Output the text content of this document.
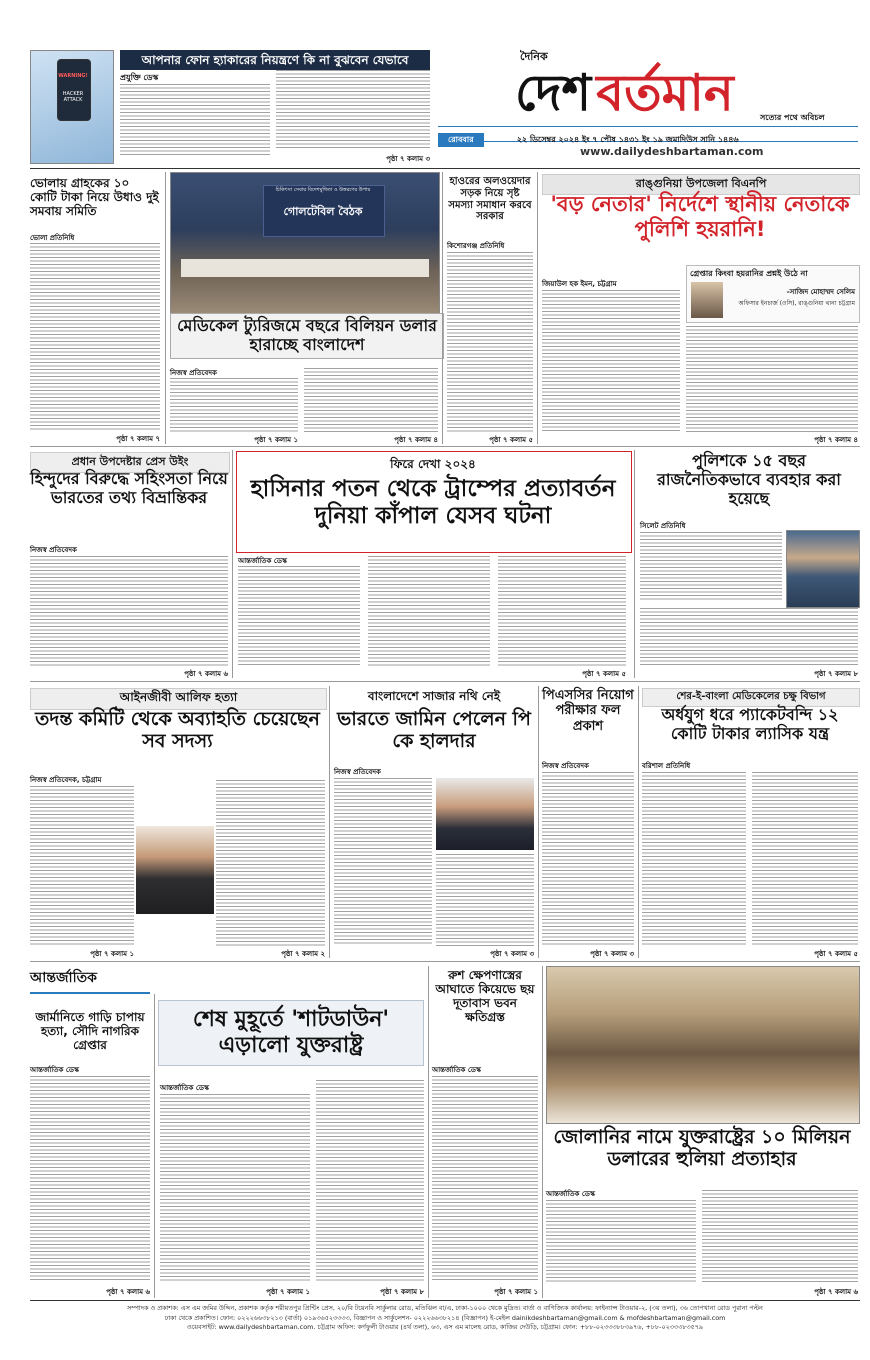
WARNING!
HACKER ATTACK
আপনার ফোন হ্যাকারের নিয়ন্ত্রণে কি না বুঝবেন যেভাবে
প্রযুক্তি ডেস্ক
পৃষ্ঠা ৭ কলাম ৩
দৈনিক
দেশ বর্তমান	সত্যের পথে অবিচল
রোববার	২২ ডিসেম্বর ২০২৪ ইং ৭ পৌষ ১৪৩১ ইং ১৯ জমাদিউস সানি ১৪৪৬
www.dailydeshbartaman.com
ভোলায় গ্রাহকের ১০ কোটি টাকা নিয়ে উধাও দুই সমবায় সমিতি
ভোলা প্রতিনিধি
পৃষ্ঠা ৭ কলাম ৭
চিকিৎসা সেবায় বিদেশমুখিতা ও উত্তরণের উপায়
গোলটেবিল বৈঠক
মেডিকেল ট্যুরিজমে বছরে বিলিয়ন ডলার হারাচ্ছে বাংলাদেশ
নিজস্ব প্রতিবেদক
পৃষ্ঠা ৭ কলাম ১	পৃষ্ঠা ৭ কলাম ৪
হাওরের অলওয়েদার সড়ক নিয়ে সৃষ্ট সমস্যা সমাধান করবে সরকার
কিশোরগঞ্জ প্রতিনিধি
পৃষ্ঠা ৭ কলাম ৫
রাঙ্গুনিয়া উপজেলা বিএনপি
'বড় নেতার' নির্দেশে স্থানীয় নেতাকে পুলিশি হয়রানি!
জিয়াউল হক ইমন, চট্টগ্রাম
গ্রেপ্তার কিংবা হয়রানির প্রশ্নই উঠে না
-সাজিদ মোহাম্মদ সেলিম
অফিসার ইনচার্জ (ওসি), রাঙ্গুনিয়া থানা চট্টগ্রাম
পৃষ্ঠা ৭ কলাম ৪
প্রধান উপদেষ্টার প্রেস উইং
হিন্দুদের বিরুদ্ধে সহিংসতা নিয়ে ভারতের তথ্য বিভ্রান্তিকর
নিজস্ব প্রতিবেদক
পৃষ্ঠা ৭ কলাম ৬
ফিরে দেখা ২০২৪
হাসিনার পতন থেকে ট্রাম্পের প্রত্যাবর্তন দুনিয়া কাঁপাল যেসব ঘটনা
আন্তর্জাতিক ডেস্ক
পৃষ্ঠা ৭ কলাম ৫
পুলিশকে ১৫ বছর রাজনৈতিকভাবে ব্যবহার করা হয়েছে
সিলেট প্রতিনিধি
পৃষ্ঠা ৭ কলাম ৮
আইনজীবী আলিফ হত্যা
তদন্ত কমিটি থেকে অব্যাহতি চেয়েছেন সব সদস্য
নিজস্ব প্রতিবেদক, চট্টগ্রাম
পৃষ্ঠা ৭ কলাম ১	পৃষ্ঠা ৭ কলাম ২
বাংলাদেশে সাজার নথি নেই
ভারতে জামিন পেলেন পি কে হালদার
নিজস্ব প্রতিবেদক
পৃষ্ঠা ৭ কলাম ৩
পিএসসির নিয়োগ পরীক্ষার ফল প্রকাশ
নিজস্ব প্রতিবেদক
পৃষ্ঠা ৭ কলাম ৩
শের-ই-বাংলা মেডিকেলের চক্ষু বিভাগ
অর্ধযুগ ধরে প্যাকেটবন্দি ১২ কোটি টাকার ল্যাসিক যন্ত্র
বরিশাল প্রতিনিধি
পৃষ্ঠা ৭ কলাম ৫
আন্তর্জাতিক
জার্মানিতে গাড়ি চাপায় হত্যা, সৌদি নাগরিক গ্রেপ্তার
আন্তর্জাতিক ডেস্ক
পৃষ্ঠা ৭ কলাম ৬
শেষ মুহূর্তে 'শাটডাউন' এড়ালো যুক্তরাষ্ট্র
আন্তর্জাতিক ডেস্ক
পৃষ্ঠা ৭ কলাম ১	পৃষ্ঠা ৭ কলাম ৮
রুশ ক্ষেপণাস্ত্রের আঘাতে কিয়েভে ছয় দূতাবাস ভবন ক্ষতিগ্রস্ত
আন্তর্জাতিক ডেস্ক
পৃষ্ঠা ৭ কলাম ১
জোলানির নামে যুক্তরাষ্ট্রের ১০ মিলিয়ন ডলারের হুলিয়া প্রত্যাহার
আন্তর্জাতিক ডেস্ক
পৃষ্ঠা ৭ কলাম ৬
সম্পাদক ও প্রকাশক: এস এম জমির উদ্দিন, প্রকাশক কর্তৃক শরীয়তপুর প্রিন্টিং প্রেস, ২০/বি টয়েনবি সার্কুলার রোড, মতিঝিল বা/এ, ঢাকা-১০০০ থেকে মুদ্রিত। বার্তা ও বাণিজ্যিক কার্যালয়: ফাইন্যান্স টাওয়ার-২, (৩য় তলা), ৩৬ তোপখানা রোড পুরানা পল্টন
ঢাকা থেকে প্রকাশিত। ফোন: ০২২২৬৬৩৮২১৩ (বার্তা) ০১৯৩৬৫২৩৩৩৩, বিজ্ঞাপন ও সার্কুলেশন- ০২২২৬৬৩৮২১৪ (বিজ্ঞাপন) ই-মেইল dainikdeshbartaman@gmail.com & mofdeshbartaman@gmail.com
ওয়েবসাইট: www.dailydeshbartaman.com. চট্টগ্রাম অফিস: কর্ণফুলী টাওয়ার (৪র্থ তলা), ৬৩, এস এম মালেহ রোড, কাজির দেউড়ি, চট্টগ্রাম। ফোন: +৮৮-০২৩৩৩৮৮৩৯৭৬, +৮৮-০২৩৩৩৮৩৫৭৯
